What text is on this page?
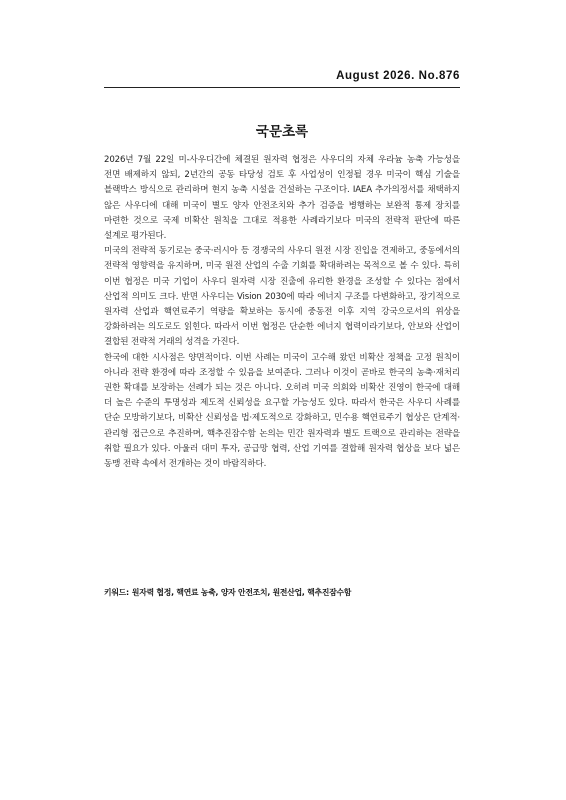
August 2026. No.876
국문초록

2026년 7월 22일 미-사우디간에 체결된 원자력 협정은 사우디의 자체 우라늄 농축 가능성을 전면 배제하지 않되, 2년간의 공동 타당성 검토 후 사업성이 인정될 경우 미국이 핵심 기술을 블랙박스 방식으로 관리하며 현지 농축 시설을 건설하는 구조이다. IAEA 추가의정서를 채택하지 않은 사우디에 대해 미국이 별도 양자 안전조치와 추가 검증을 병행하는 보완적 통제 장치를 마련한 것으로 국제 비확산 원칙을 그대로 적용한 사례라기보다 미국의 전략적 판단에 따른 설계로 평가된다.

미국의 전략적 동기로는 중국·러시아 등 경쟁국의 사우디 원전 시장 진입을 견제하고, 중동에서의 전략적 영향력을 유지하며, 미국 원전 산업의 수출 기회를 확대하려는 목적으로 볼 수 있다. 특히 이번 협정은 미국 기업이 사우디 원자력 시장 진출에 유리한 환경을 조성할 수 있다는 점에서 산업적 의미도 크다. 반면 사우디는 Vision 2030에 따라 에너지 구조를 다변화하고, 장기적으로 원자력 산업과 핵연료주기 역량을 확보하는 동시에 중동전 이후 지역 강국으로서의 위상을 강화하려는 의도로도 읽힌다. 따라서 이번 협정은 단순한 에너지 협력이라기보다, 안보와 산업이 결합된 전략적 거래의 성격을 가진다.

한국에 대한 시사점은 양면적이다. 이번 사례는 미국이 고수해 왔던 비확산 정책을 고정 원칙이 아니라 전략 환경에 따라 조정할 수 있음을 보여준다. 그러나 이것이 곧바로 한국의 농축·재처리 권한 확대를 보장하는 선례가 되는 것은 아니다. 오히려 미국 의회와 비확산 진영이 한국에 대해 더 높은 수준의 투명성과 제도적 신뢰성을 요구할 가능성도 있다. 따라서 한국은 사우디 사례를 단순 모방하기보다, 비확산 신뢰성을 법·제도적으로 강화하고, 민수용 핵연료주기 협상은 단계적·관리형 접근으로 추진하며, 핵추진잠수함 논의는 민간 원자력과 별도 트랙으로 관리하는 전략을 취할 필요가 있다. 아울러 대미 투자, 공급망 협력, 산업 기여를 결합해 원자력 협상을 보다 넓은 동맹 전략 속에서 전개하는 것이 바람직하다.

키워드: 원자력 협정, 핵연료 농축, 양자 안전조치, 원전산업, 핵추진잠수함
